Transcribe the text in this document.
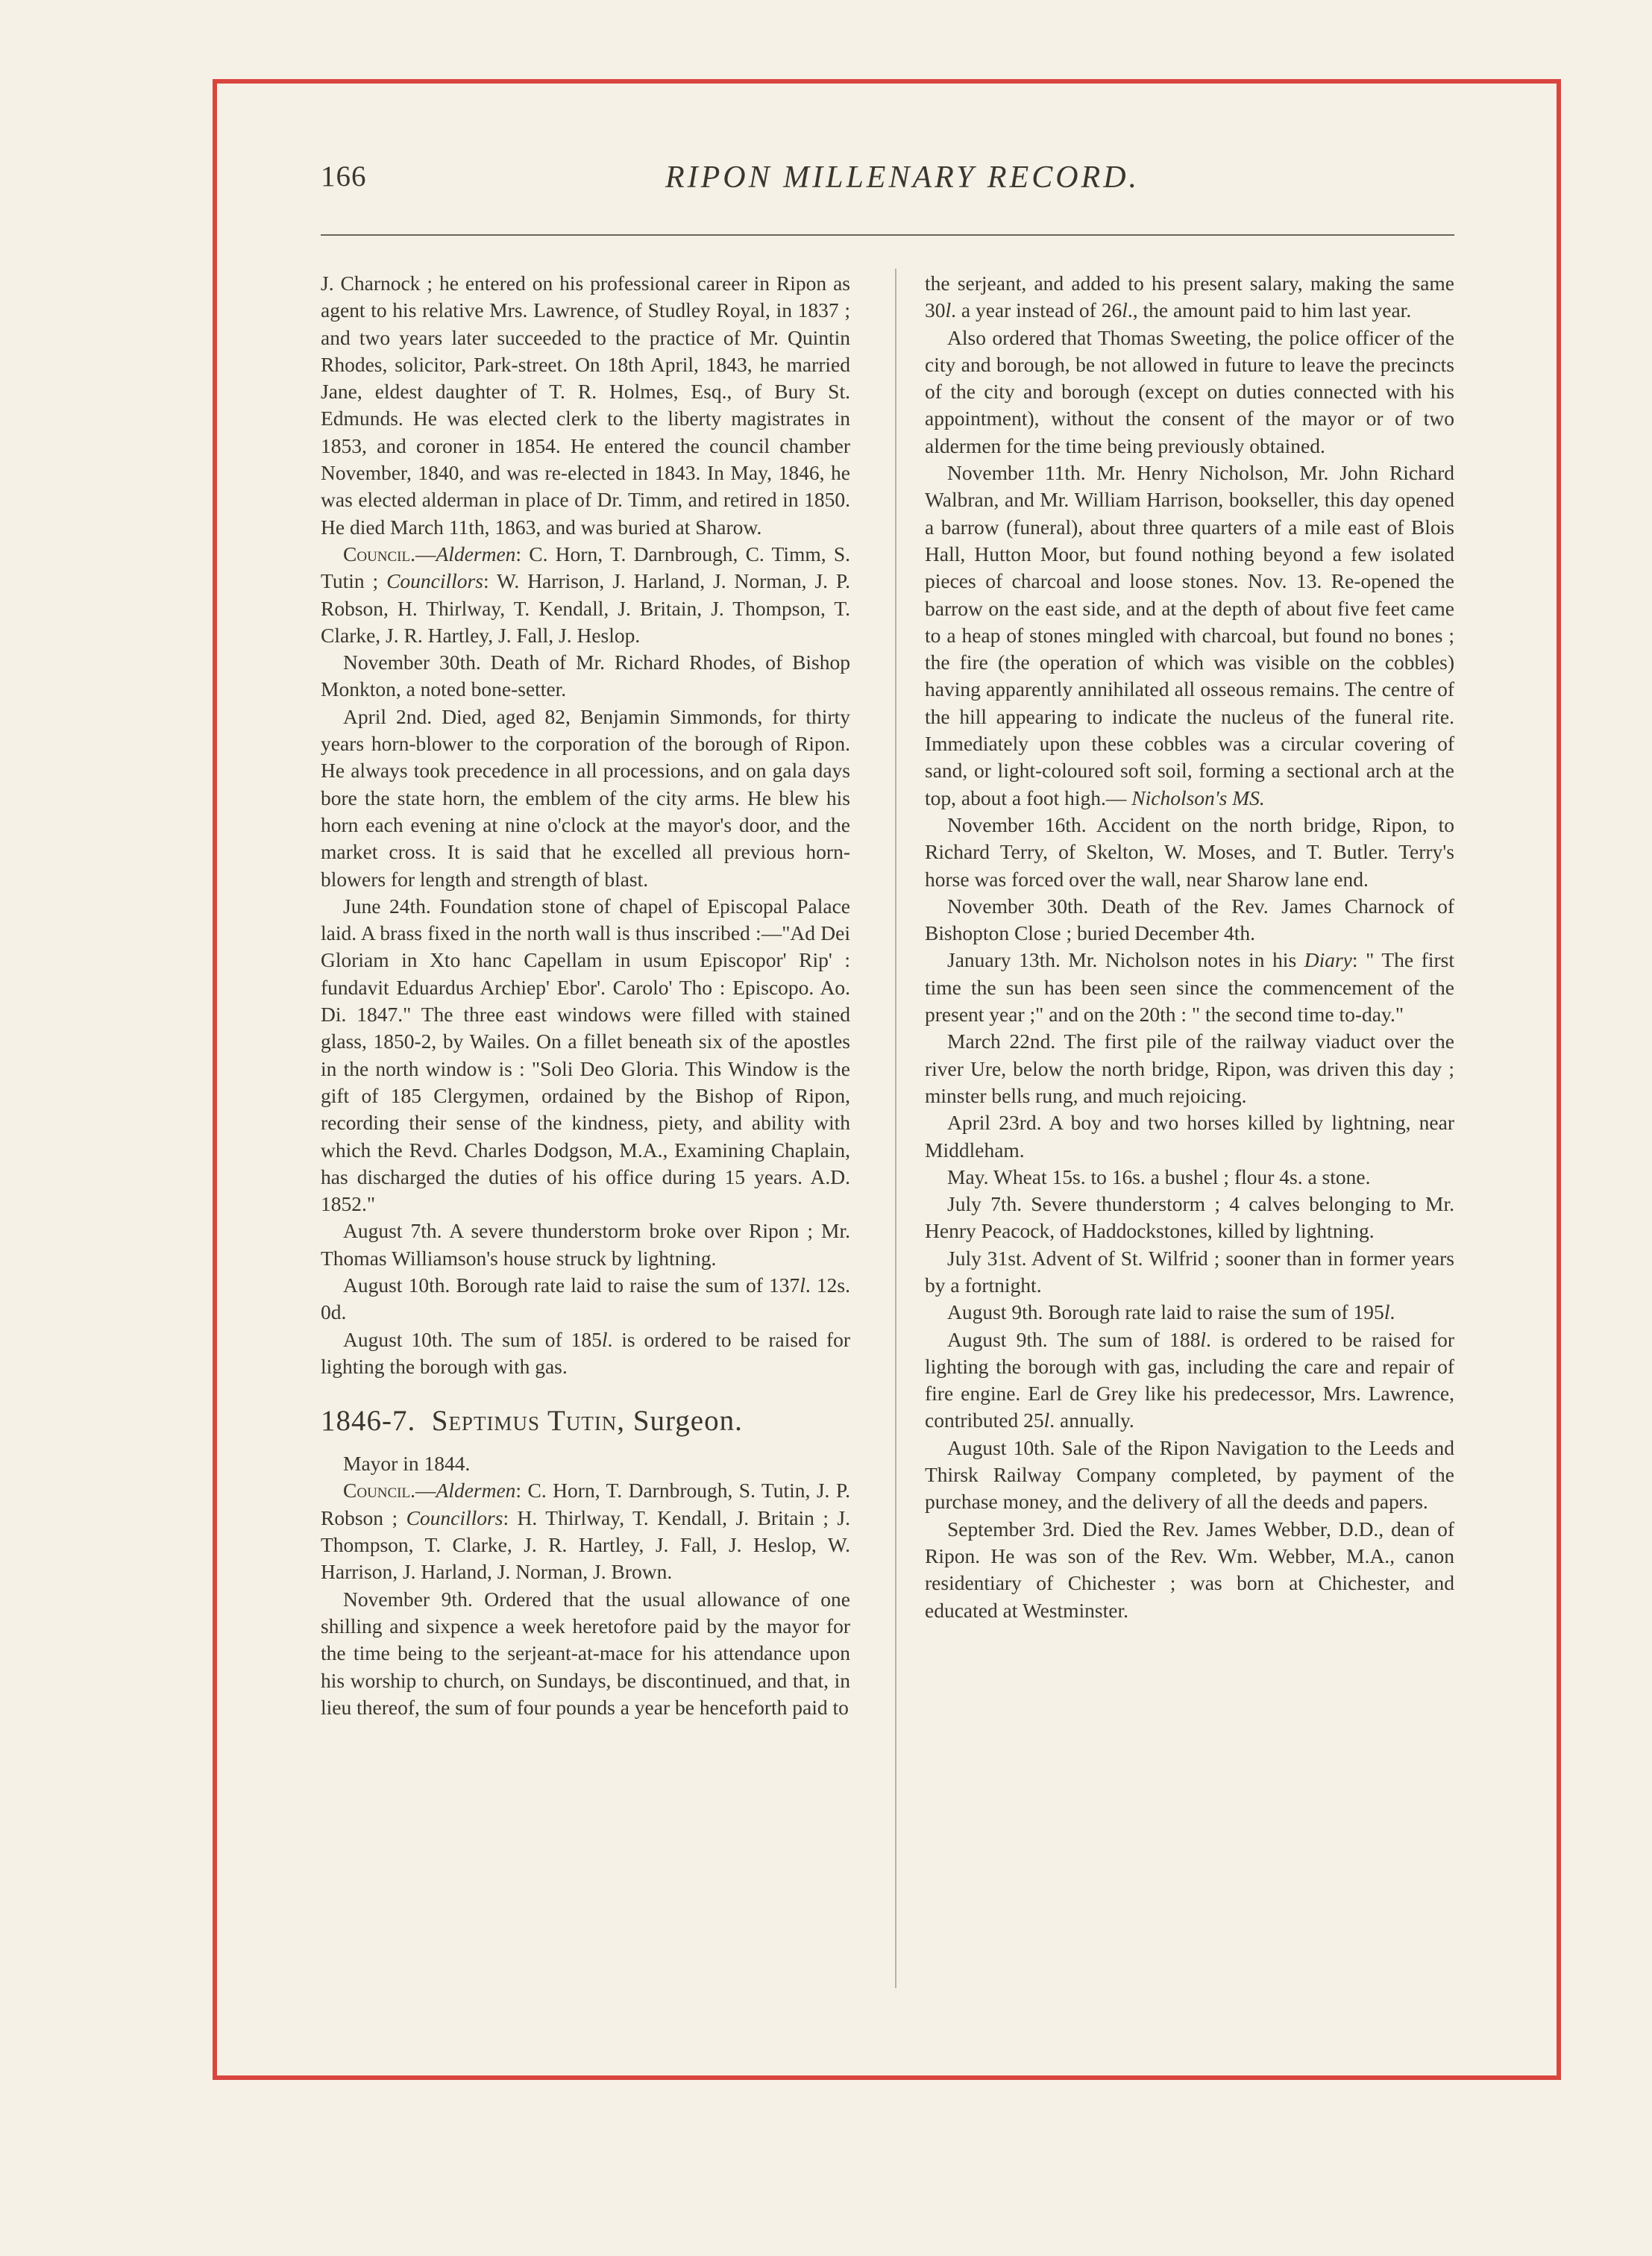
166	RIPON MILLENARY RECORD.

J. Charnock ; he entered on his professional career in Ripon as agent to his relative Mrs. Lawrence, of Studley Royal, in 1837 ; and two years later succeeded to the practice of Mr. Quintin Rhodes, solicitor, Park-street. On 18th April, 1843, he married Jane, eldest daughter of T. R. Holmes, Esq., of Bury St. Edmunds. He was elected clerk to the liberty magistrates in 1853, and coroner in 1854. He entered the council chamber November, 1840, and was re-elected in 1843. In May, 1846, he was elected alderman in place of Dr. Timm, and retired in 1850. He died March 11th, 1863, and was buried at Sharow.

Council.—Aldermen: C. Horn, T. Darnbrough, C. Timm, S. Tutin ; Councillors: W. Harrison, J. Harland, J. Norman, J. P. Robson, H. Thirlway, T. Kendall, J. Britain, J. Thompson, T. Clarke, J. R. Hartley, J. Fall, J. Heslop.

November 30th. Death of Mr. Richard Rhodes, of Bishop Monkton, a noted bone-setter.

April 2nd. Died, aged 82, Benjamin Simmonds, for thirty years horn-blower to the corporation of the borough of Ripon. He always took precedence in all processions, and on gala days bore the state horn, the emblem of the city arms. He blew his horn each evening at nine o'clock at the mayor's door, and the market cross. It is said that he excelled all previous horn-blowers for length and strength of blast.

June 24th. Foundation stone of chapel of Episcopal Palace laid. A brass fixed in the north wall is thus inscribed :—"Ad Dei Gloriam in Xto hanc Capellam in usum Episcopor' Rip' : fundavit Eduardus Archiep' Ebor'. Carolo' Tho : Episcopo. Ao. Di. 1847." The three east windows were filled with stained glass, 1850-2, by Wailes. On a fillet beneath six of the apostles in the north window is : "Soli Deo Gloria. This Window is the gift of 185 Clergymen, ordained by the Bishop of Ripon, recording their sense of the kindness, piety, and ability with which the Revd. Charles Dodgson, M.A., Examining Chaplain, has discharged the duties of his office during 15 years. A.D. 1852."

August 7th. A severe thunderstorm broke over Ripon ; Mr. Thomas Williamson's house struck by lightning.

August 10th. Borough rate laid to raise the sum of 137l. 12s. 0d.

August 10th. The sum of 185l. is ordered to be raised for lighting the borough with gas.

1846-7. Septimus Tutin, Surgeon.

Mayor in 1844.

Council.—Aldermen: C. Horn, T. Darnbrough, S. Tutin, J. P. Robson ; Councillors: H. Thirlway, T. Kendall, J. Britain ; J. Thompson, T. Clarke, J. R. Hartley, J. Fall, J. Heslop, W. Harrison, J. Harland, J. Norman, J. Brown.

November 9th. Ordered that the usual allowance of one shilling and sixpence a week heretofore paid by the mayor for the time being to the serjeant-at-mace for his attendance upon his worship to church, on Sundays, be discontinued, and that, in lieu thereof, the sum of four pounds a year be henceforth paid to

the serjeant, and added to his present salary, making the same 30l. a year instead of 26l., the amount paid to him last year.

Also ordered that Thomas Sweeting, the police officer of the city and borough, be not allowed in future to leave the precincts of the city and borough (except on duties connected with his appointment), without the consent of the mayor or of two aldermen for the time being previously obtained.

November 11th. Mr. Henry Nicholson, Mr. John Richard Walbran, and Mr. William Harrison, bookseller, this day opened a barrow (funeral), about three quarters of a mile east of Blois Hall, Hutton Moor, but found nothing beyond a few isolated pieces of charcoal and loose stones. Nov. 13. Re-opened the barrow on the east side, and at the depth of about five feet came to a heap of stones mingled with charcoal, but found no bones ; the fire (the operation of which was visible on the cobbles) having apparently annihilated all osseous remains. The centre of the hill appearing to indicate the nucleus of the funeral rite. Immediately upon these cobbles was a circular covering of sand, or light-coloured soft soil, forming a sectional arch at the top, about a foot high.— Nicholson's MS.

November 16th. Accident on the north bridge, Ripon, to Richard Terry, of Skelton, W. Moses, and T. Butler. Terry's horse was forced over the wall, near Sharow lane end.

November 30th. Death of the Rev. James Charnock of Bishopton Close ; buried December 4th.

January 13th. Mr. Nicholson notes in his Diary: " The first time the sun has been seen since the commencement of the present year ;" and on the 20th : " the second time to-day."

March 22nd. The first pile of the railway viaduct over the river Ure, below the north bridge, Ripon, was driven this day ; minster bells rung, and much rejoicing.

April 23rd. A boy and two horses killed by lightning, near Middleham.

May. Wheat 15s. to 16s. a bushel ; flour 4s. a stone.

July 7th. Severe thunderstorm ; 4 calves belonging to Mr. Henry Peacock, of Haddockstones, killed by lightning.

July 31st. Advent of St. Wilfrid ; sooner than in former years by a fortnight.

August 9th. Borough rate laid to raise the sum of 195l.

August 9th. The sum of 188l. is ordered to be raised for lighting the borough with gas, including the care and repair of fire engine. Earl de Grey like his predecessor, Mrs. Lawrence, contributed 25l. annually.

August 10th. Sale of the Ripon Navigation to the Leeds and Thirsk Railway Company completed, by payment of the purchase money, and the delivery of all the deeds and papers.

September 3rd. Died the Rev. James Webber, D.D., dean of Ripon. He was son of the Rev. Wm. Webber, M.A., canon residentiary of Chichester ; was born at Chichester, and educated at Westminster.
